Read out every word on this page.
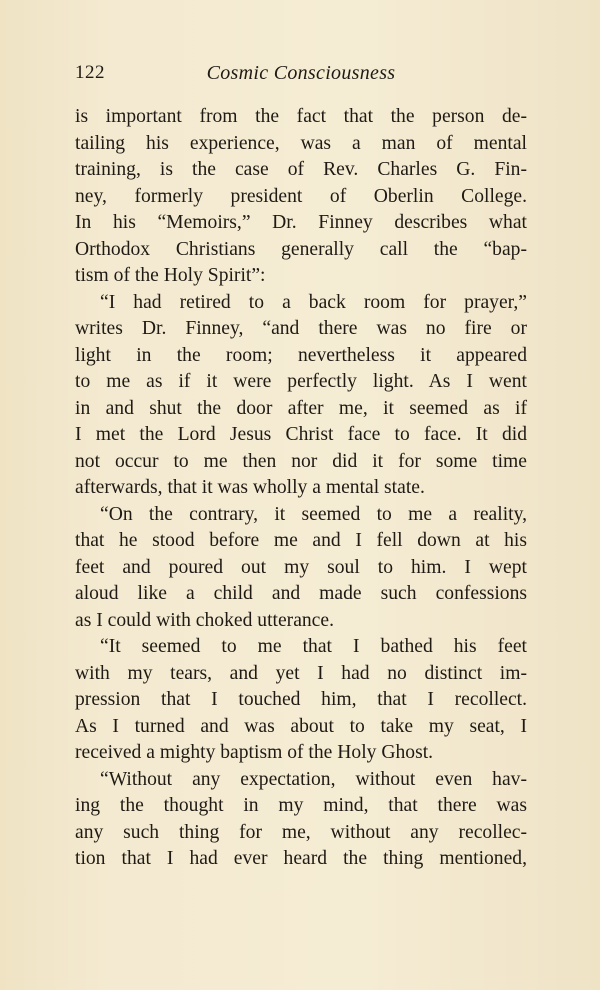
122	Cosmic Consciousness
is important from the fact that the person de-
tailing his experience, was a man of mental
training, is the case of Rev. Charles G. Fin-
ney, formerly president of Oberlin College.
In his “Memoirs,” Dr. Finney describes what
Orthodox Christians generally call the “bap-
tism of the Holy Spirit”:
“I had retired to a back room for prayer,”
writes Dr. Finney, “and there was no fire or
light in the room; nevertheless it appeared
to me as if it were perfectly light. As I went
in and shut the door after me, it seemed as if
I met the Lord Jesus Christ face to face. It did
not occur to me then nor did it for some time
afterwards, that it was wholly a mental state.
“On the contrary, it seemed to me a reality,
that he stood before me and I fell down at his
feet and poured out my soul to him. I wept
aloud like a child and made such confessions
as I could with choked utterance.
“It seemed to me that I bathed his feet
with my tears, and yet I had no distinct im-
pression that I touched him, that I recollect.
As I turned and was about to take my seat, I
received a mighty baptism of the Holy Ghost.
“Without any expectation, without even hav-
ing the thought in my mind, that there was
any such thing for me, without any recollec-
tion that I had ever heard the thing mentioned,
